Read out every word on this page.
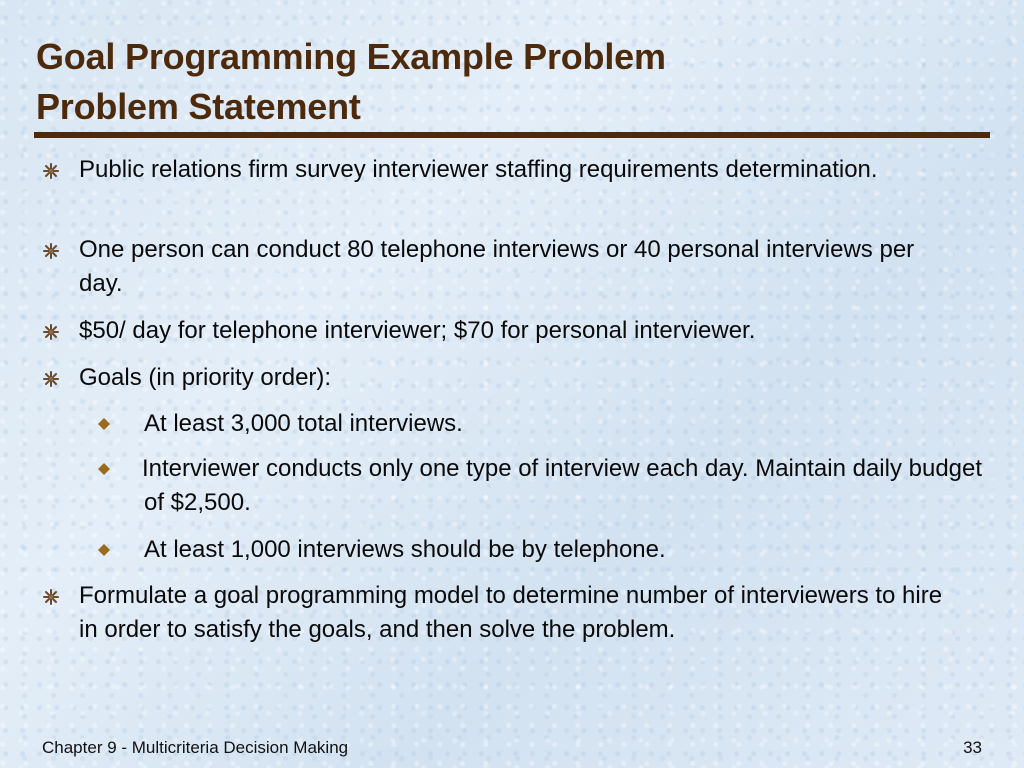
Goal Programming Example Problem
Problem Statement
Public relations firm survey interviewer staffing requirements determination.
One person can conduct 80 telephone interviews or 40 personal interviews per day.
$50/ day for telephone interviewer; $70 for personal interviewer.
Goals (in priority order):
At least 3,000 total interviews.
Interviewer conducts only one type of interview each day. Maintain daily budget of $2,500.
At least 1,000 interviews should be by telephone.
Formulate a goal programming model to determine number of interviewers to hire in order to satisfy the goals, and then solve the problem.
Chapter 9 - Multicriteria Decision Making	33
